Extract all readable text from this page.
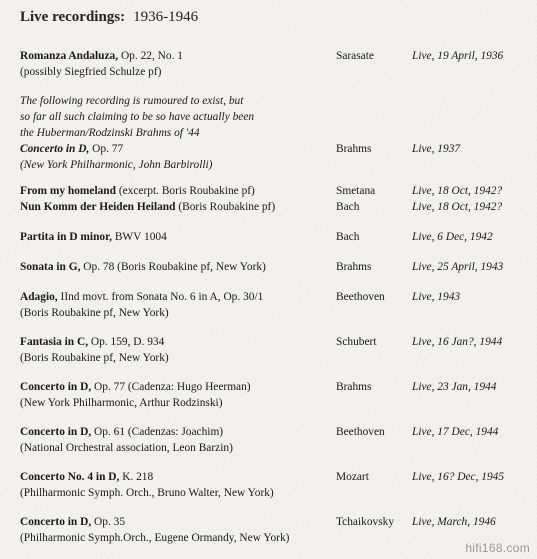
Live recordings: 1936-1946
Romanza Andaluza, Op. 22, No. 1	Sarasate	Live, 19 April, 1936
(possibly Siegfried Schulze pf)
The following recording is rumoured to exist, but
so far all such claiming to be so have actually been
the Huberman/Rodzinski Brahms of '44
Concerto in D, Op. 77	Brahms	Live, 1937
(New York Philharmonic, John Barbirolli)
From my homeland (excerpt. Boris Roubakine pf)	Smetana	Live, 18 Oct, 1942?
Nun Komm der Heiden Heiland (Boris Roubakine pf)	Bach	Live, 18 Oct, 1942?
Partita in D minor, BWV 1004	Bach	Live, 6 Dec, 1942
Sonata in G, Op. 78 (Boris Roubakine pf, New York)	Brahms	Live, 25 April, 1943
Adagio, IInd movt. from Sonata No. 6 in A, Op. 30/1	Beethoven Live, 1943
(Boris Roubakine pf, New York)
Fantasia in C, Op. 159, D. 934	Schubert	Live, 16 Jan?, 1944
(Boris Roubakine pf, New York)
Concerto in D, Op. 77 (Cadenza: Hugo Heerman)	Brahms	Live, 23 Jan, 1944
(New York Philharmonic, Arthur Rodzinski)
Concerto in D, Op. 61 (Cadenzas: Joachim)	Beethoven Live, 17 Dec, 1944
(National Orchestral association, Leon Barzin)
Concerto No. 4 in D, K. 218	Mozart	Live, 16? Dec, 1945
(Philharmonic Symph. Orch., Bruno Walter, New York)
Concerto in D, Op. 35	Tchaikovsky Live, March, 1946
(Philharmonic Symph.Orch., Eugene Ormandy, New York)
hifi168.com
